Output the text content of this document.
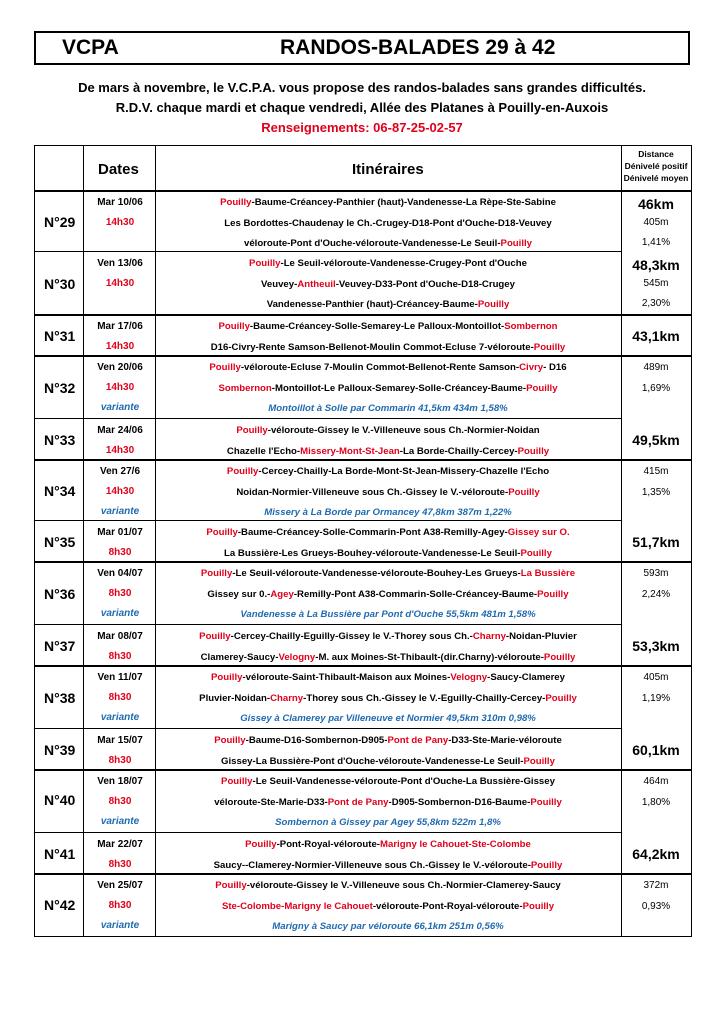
VCPA	RANDOS-BALADES 29 à 42
De mars à novembre, le V.C.P.A. vous propose des randos-balades sans grandes difficultés.
R.D.V. chaque mardi et chaque vendredi, Allée des Platanes à Pouilly-en-Auxois
Renseignements: 06-87-25-02-57
Dates	Itinéraires
Distance
Dénivelé positif
Dénivelé moyen
N°29
Mar 10/06
14h30
Pouilly-Baume-Créancey-Panthier (haut)-Vandenesse-La Rèpe-Ste-Sabine
Les Bordottes-Chaudenay le Ch.-Crugey-D18-Pont d'Ouche-D18-Veuvey
véloroute-Pont d'Ouche-véloroute-Vandenesse-Le Seuil-Pouilly
N°30
Ven 13/06
14h30
Pouilly-Le Seuil-véloroute-Vandenesse-Crugey-Pont d'Ouche
Veuvey-Antheuil-Veuvey-D33-Pont d'Ouche-D18-Crugey
Vandenesse-Panthier (haut)-Créancey-Baume-Pouilly
N°31
Mar 17/06
14h30
Pouilly-Baume-Créancey-Solle-Semarey-Le Palloux-Montoillot-Sombernon
D16-Civry-Rente Samson-Bellenot-Moulin Commot-Ecluse 7-véloroute-Pouilly
N°32
Ven 20/06
14h30
variante
Pouilly-véloroute-Ecluse 7-Moulin Commot-Bellenot-Rente Samson-Civry- D16
Sombernon-Montoillot-Le Palloux-Semarey-Solle-Créancey-Baume-Pouilly
Montoillot à Solle par Commarin 41,5km 434m 1,58%
N°33
Mar 24/06
14h30
Pouilly-véloroute-Gissey le V.-Villeneuve sous Ch.-Normier-Noidan
Chazelle l'Echo-Missery-Mont-St-Jean-La Borde-Chailly-Cercey-Pouilly
N°34
Ven 27/6
14h30
variante
Pouilly-Cercey-Chailly-La Borde-Mont-St-Jean-Missery-Chazelle l'Echo
Noidan-Normier-Villeneuve sous Ch.-Gissey le V.-véloroute-Pouilly
Missery à La Borde par Ormancey 47,8km 387m 1,22%
N°35
Mar 01/07
8h30
Pouilly-Baume-Créancey-Solle-Commarin-Pont A38-Remilly-Agey-Gissey sur O.
La Bussière-Les Grueys-Bouhey-véloroute-Vandenesse-Le Seuil-Pouilly
N°36
Ven 04/07
8h30
variante
Pouilly-Le Seuil-véloroute-Vandenesse-véloroute-Bouhey-Les Grueys-La Bussière
Gissey sur 0.-Agey-Remilly-Pont A38-Commarin-Solle-Créancey-Baume-Pouilly
Vandenesse à La Bussière par Pont d'Ouche 55,5km 481m 1,58%
N°37
Mar 08/07
8h30
Pouilly-Cercey-Chailly-Eguilly-Gissey le V.-Thorey sous Ch.-Charny-Noidan-Pluvier
Clamerey-Saucy-Velogny-M. aux Moines-St-Thibault-(dir.Charny)-véloroute-Pouilly
N°38
Ven 11/07
8h30
variante
Pouilly-véloroute-Saint-Thibault-Maison aux Moines-Velogny-Saucy-Clamerey
Pluvier-Noidan-Charny-Thorey sous Ch.-Gissey le V.-Eguilly-Chailly-Cercey-Pouilly
Gissey à Clamerey par Villeneuve et Normier 49,5km 310m 0,98%
N°39
Mar 15/07
8h30
Pouilly-Baume-D16-Sombernon-D905-Pont de Pany-D33-Ste-Marie-véloroute
Gissey-La Bussière-Pont d'Ouche-véloroute-Vandenesse-Le Seuil-Pouilly
N°40
Ven 18/07
8h30
variante
Pouilly-Le Seuil-Vandenesse-véloroute-Pont d'Ouche-La Bussière-Gissey
véloroute-Ste-Marie-D33-Pont de Pany-D905-Sombernon-D16-Baume-Pouilly
Sombernon à Gissey par Agey 55,8km 522m 1,8%
N°41
Mar 22/07
8h30
Pouilly-Pont-Royal-véloroute-Marigny le Cahouet-Ste-Colombe
Saucy--Clamerey-Normier-Villeneuve sous Ch.-Gissey le V.-véloroute-Pouilly
N°42
Ven 25/07
8h30
variante
Pouilly-véloroute-Gissey le V.-Villeneuve sous Ch.-Normier-Clamerey-Saucy
Ste-Colombe-Marigny le Cahouet-véloroute-Pont-Royal-véloroute-Pouilly
Marigny à Saucy par véloroute 66,1km 251m 0,56%
46km
405m
1,41%
48,3km
545m
2,30%
43,1km
489m
1,69%
49,5km
415m
1,35%
51,7km
593m
2,24%
53,3km
405m
1,19%
60,1km
464m
1,80%
64,2km
372m
0,93%
